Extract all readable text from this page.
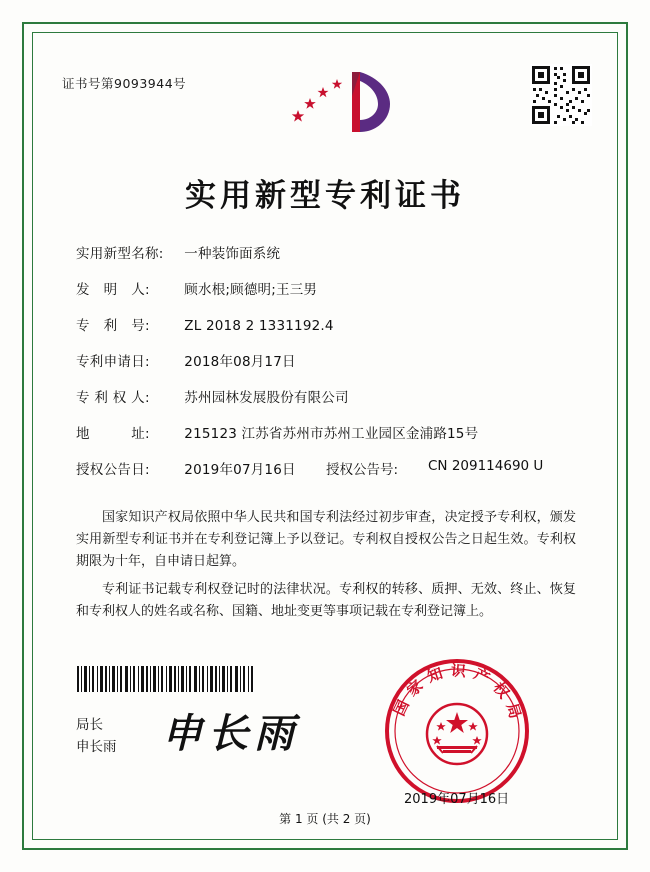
证书号第9093944号
实用新型专利证书
实用新型名称: 一种装饰面系统
发　明　人:	顾水根;顾德明;王三男
专　利　号:	ZL 2018 2 1331192.4
专利申请日:	2018年08月17日
专 利 权 人:	苏州园林发展股份有限公司
地　　　址:	215123 江苏省苏州市苏州工业园区金浦路15号
授权公告日:	2019年07月16日 授权公告号: CN 209114690 U

国家知识产权局依照中华人民共和国专利法经过初步审查，决定授予专利权，颁发实用新型专利证书并在专利登记簿上予以登记。专利权自授权公告之日起生效。专利权期限为十年，自申请日起算。

专利证书记载专利权登记时的法律状况。专利权的转移、质押、无效、终止、恢复和专利权人的姓名或名称、国籍、地址变更等事项记载在专利登记簿上。

局长
申长雨 申长雨
国家知识产权局
2019年07月16日
第 1 页 (共 2 页)
